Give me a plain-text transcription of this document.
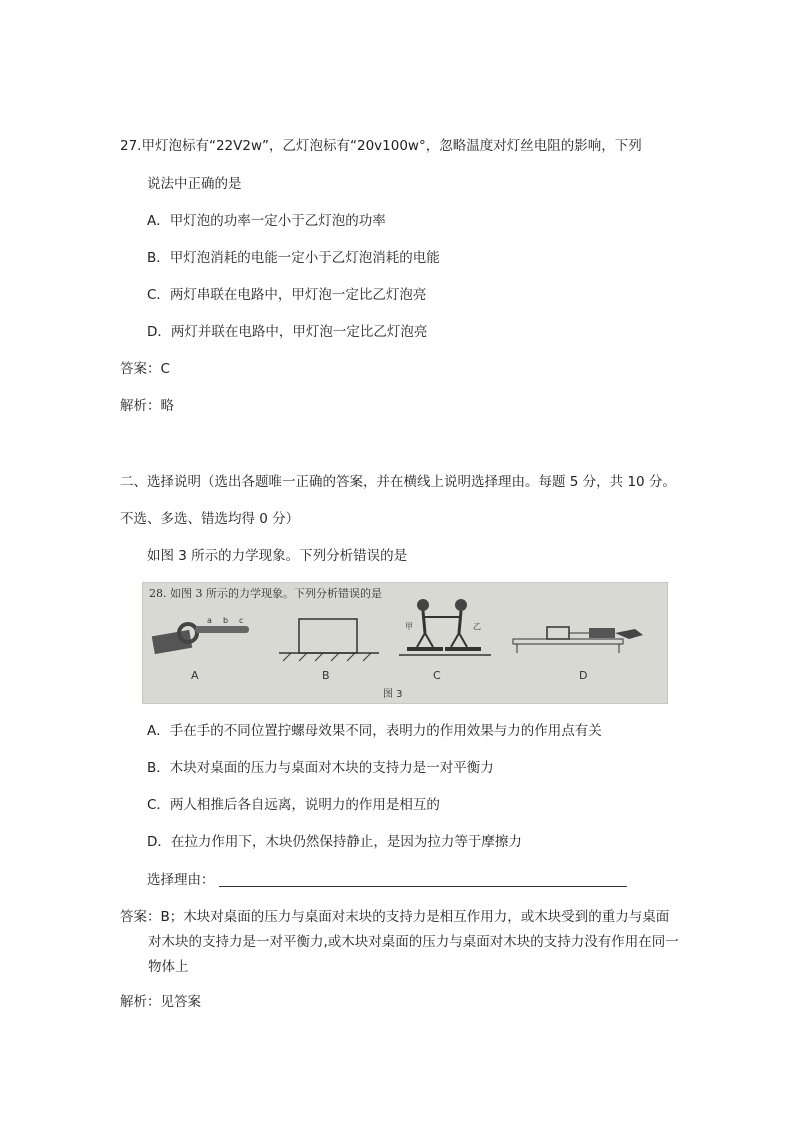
27.甲灯泡标有“22V2w”，乙灯泡标有“20v100w°，忽略温度对灯丝电阻的影响，下列
说法中正确的是
A．甲灯泡的功率一定小于乙灯泡的功率
B．甲灯泡消耗的电能一定小于乙灯泡消耗的电能
C．两灯串联在电路中，甲灯泡一定比乙灯泡亮
D．两灯并联在电路中，甲灯泡一定比乙灯泡亮
答案：C
解析：略
二、选择说明（选出各题唯一正确的答案，并在横线上说明选择理由。每题 5 分，共 10 分。
不选、多选、错选均得 0 分）
如图 3 所示的力学现象。下列分析错误的是
28. 如图 3 所示的力学现象。下列分析错误的是
a b c
甲	乙
A	B	C	D
图 3
A．手在手的不同位置拧螺母效果不同，表明力的作用效果与力的作用点有关
B．木块对桌面的压力与桌面对木块的支持力是一对平衡力
C．两人相推后各自远离，说明力的作用是相互的
D．在拉力作用下，木块仍然保持静止，是因为拉力等于摩擦力
选择理由：
答案： B；木块对桌面的压力与桌面对末块的支持力是相互作用力，或木块受到的重力与桌面对木块的支持力是一对平衡力,或木块对桌面的压力与桌面对木块的支持力没有作用在同一物体上
解析：见答案
